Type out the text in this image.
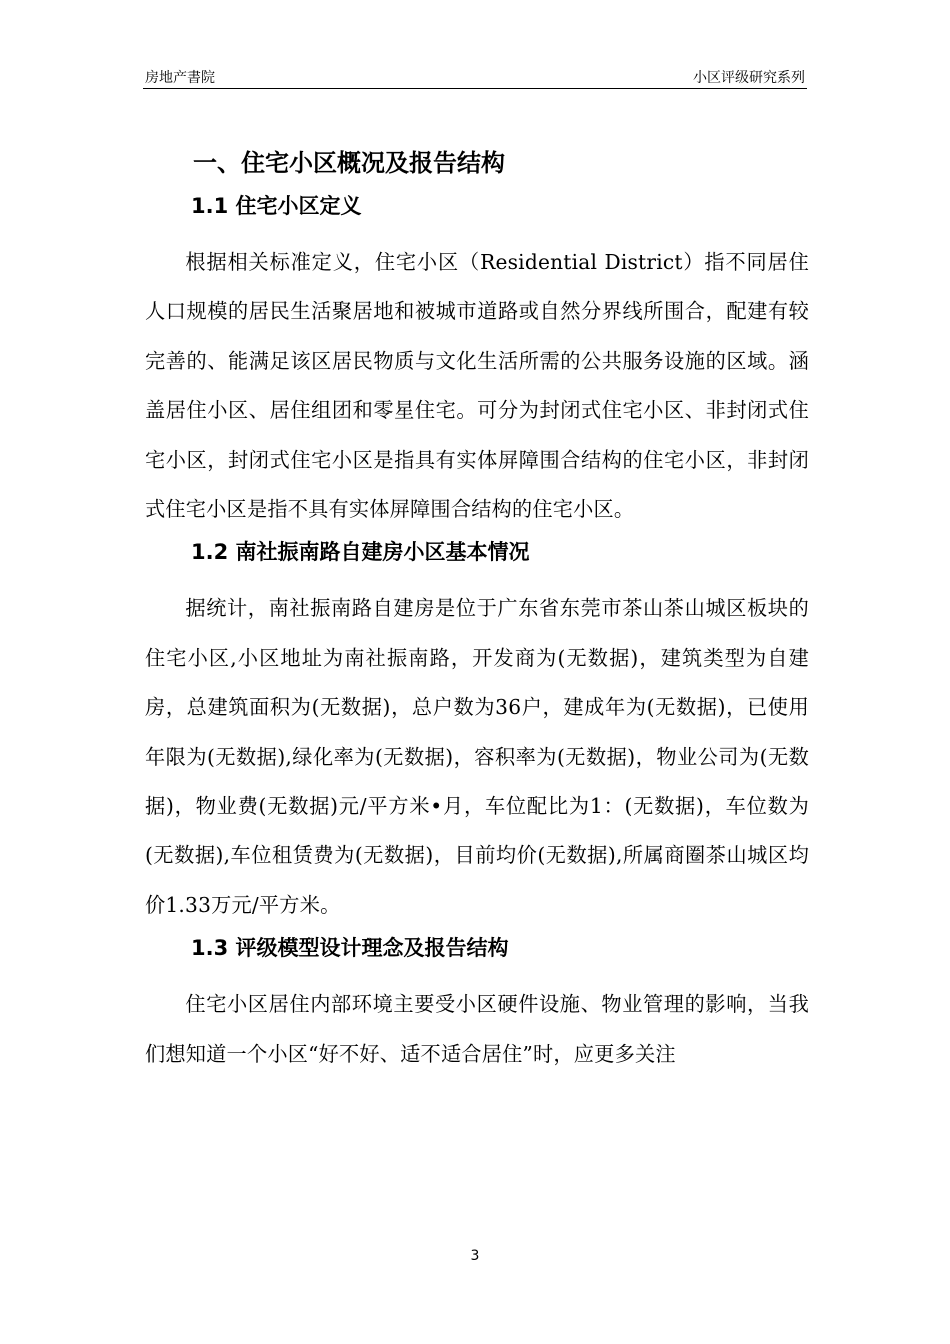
房地产書院	小区评级研究系列
一、住宅小区概况及报告结构
1.1 住宅小区定义

根据相关标准定义，住宅小区（Residential District）指不同居住人口规模的居民生活聚居地和被城市道路或自然分界线所围合，配建有较完善的、能满足该区居民物质与文化生活所需的公共服务设施的区域。涵盖居住小区、居住组团和零星住宅。可分为封闭式住宅小区、非封闭式住宅小区，封闭式住宅小区是指具有实体屏障围合结构的住宅小区，非封闭式住宅小区是指不具有实体屏障围合结构的住宅小区。

1.2 南社振南路自建房小区基本情况

据统计，南社振南路自建房是位于广东省东莞市茶山茶山城区板块的住宅小区,小区地址为南社振南路，开发商为(无数据)，建筑类型为自建房，总建筑面积为(无数据)，总户数为36户，建成年为(无数据)，已使用年限为(无数据),绿化率为(无数据)，容积率为(无数据)，物业公司为(无数据)，物业费(无数据)元/平方米•月，车位配比为1：(无数据)，车位数为(无数据),车位租赁费为(无数据)，目前均价(无数据),所属商圈茶山城区均价1.33万元/平方米。

1.3 评级模型设计理念及报告结构

住宅小区居住内部环境主要受小区硬件设施、物业管理的影响，当我们想知道一个小区“好不好、适不适合居住”时，应更多关注

3
